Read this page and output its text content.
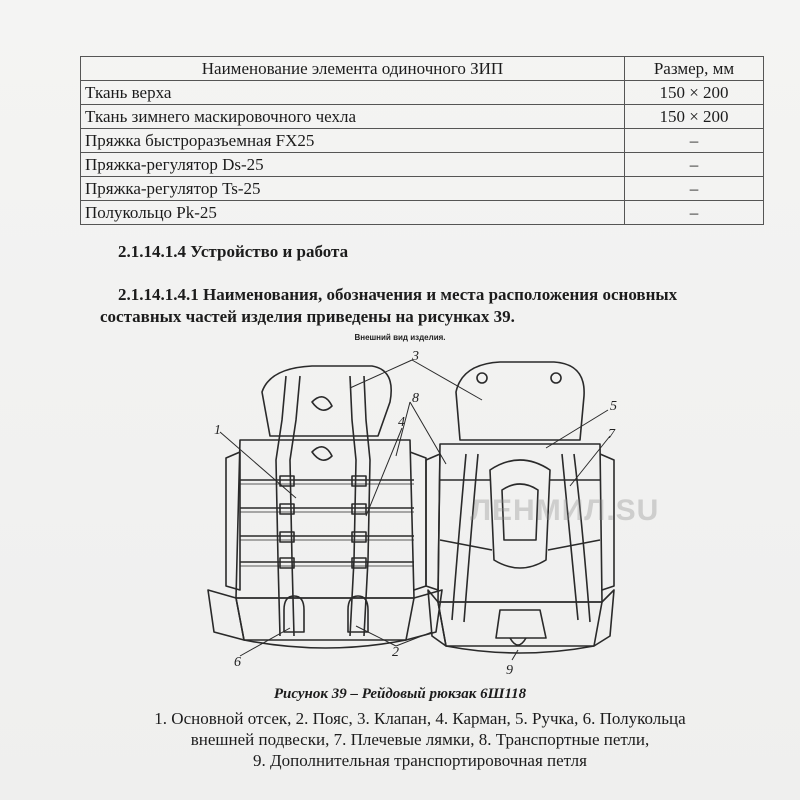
Наименование элемента одиночного ЗИП	Размер, мм
Ткань верха	150 × 200
Ткань зимнего маскировочного чехла	150 × 200
Пряжка быстроразъемная FX25	–
Пряжка-регулятор Ds-25	–
Пряжка-регулятор Ts-25	–
Полукольцо Pk-25	–
2.1.14.1.4 Устройство и работа
2.1.14.1.4.1 Наименования, обозначения и места расположения основных составных частей изделия приведены на рисунках 39.
Внешний вид изделия.
1
2
3
4
5
6
7
8
9
ЛЕНМИЛ.SU
Рисунок 39 – Рейдовый рюкзак 6Ш118
1. Основной отсек, 2. Пояс, 3. Клапан, 4. Карман, 5. Ручка, 6. Полукольца
внешней подвески, 7. Плечевые лямки, 8. Транспортные петли,
9. Дополнительная транспортировочная петля
